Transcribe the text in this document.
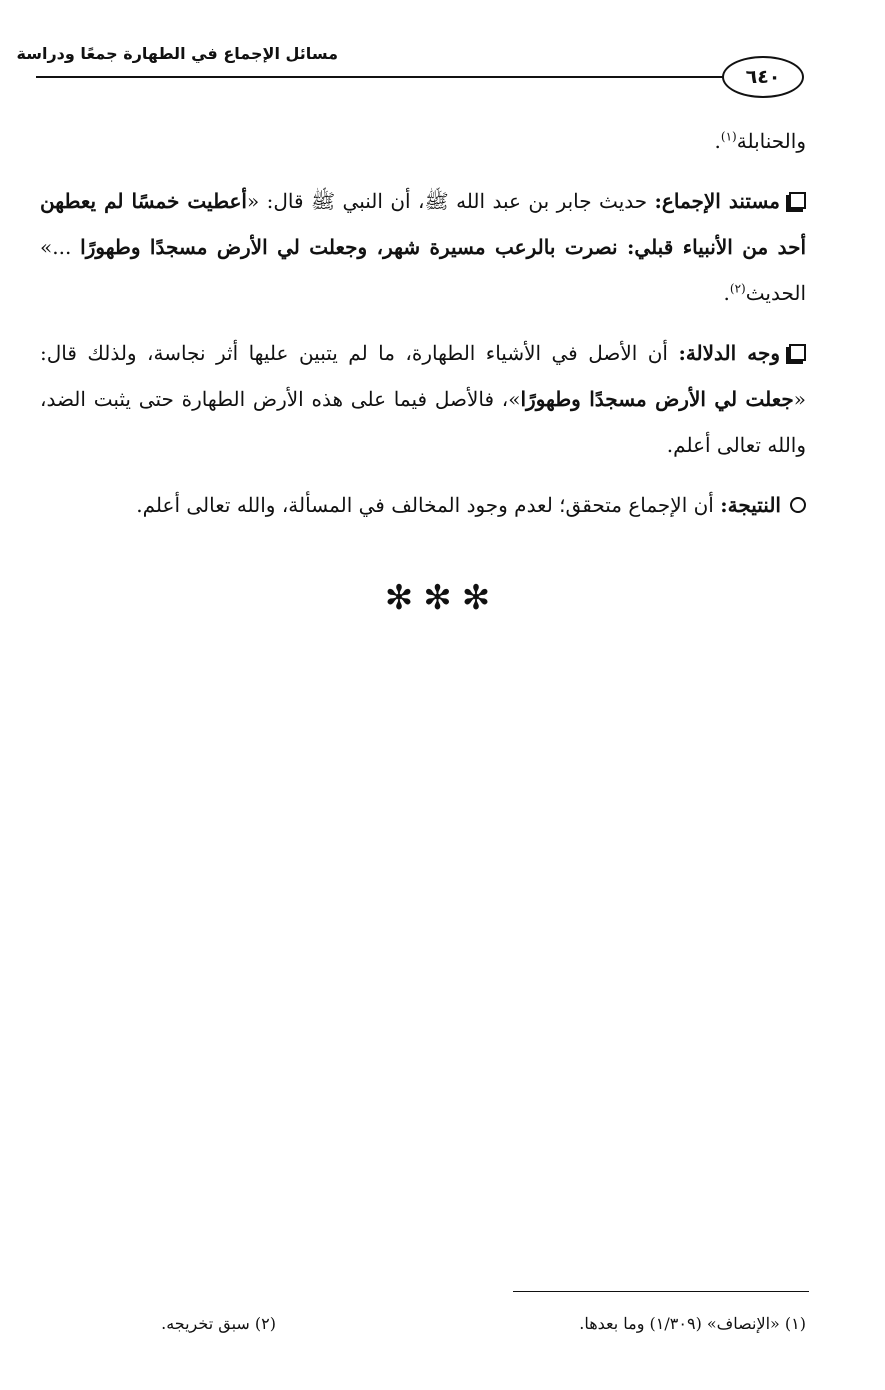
مسائل الإجماع في الطهارة جمعًا ودراسة
٦٤٠

والحنابلة$^{(١)}$.

مستند الإجماع: حديث جابر بن عبد الله ﷺ، أن النبي ﷺ قال: «أعطيت خمسًا لم يعطهن أحد من الأنبياء قبلي: نصرت بالرعب مسيرة شهر، وجعلت لي الأرض مسجدًا وطهورًا ...» الحديث$^{(٢)}$.

وجه الدلالة: أن الأصل في الأشياء الطهارة، ما لم يتبين عليها أثر نجاسة، ولذلك قال: «جعلت لي الأرض مسجدًا وطهورًا»، فالأصل فيما على هذه الأرض الطهارة حتى يثبت الضد، والله تعالى أعلم.

النتيجة: أن الإجماع متحقق؛ لعدم وجود المخالف في المسألة، والله تعالى أعلم.

✻✻✻
(١) «الإنصاف» (١/٣٠٩) وما بعدها.
(٢) سبق تخريجه.
